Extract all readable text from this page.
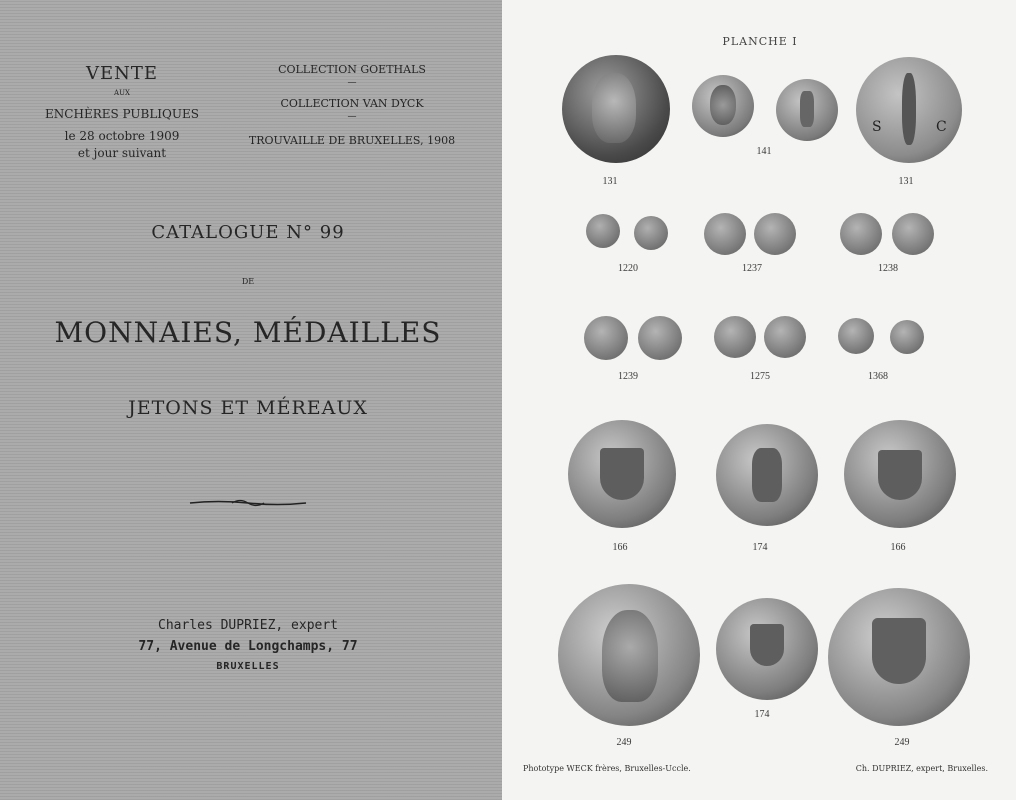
VENTE
AUX
ENCHÈRES PUBLIQUES
le 28 octobre 1909
et jour suivant
COLLECTION GOETHALS
—
COLLECTION VAN DYCK
—
TROUVAILLE DE BRUXELLES, 1908
CATALOGUE N° 99
DE
MONNAIES, MÉDAILLES
JETONS ET MÉREAUX
Charles DUPRIEZ, expert
77, Avenue de Longchamps, 77
BRUXELLES
PLANCHE I
S	C
131
141
131
1220	1237	1238
1239	1275	1368
166	174	166
249
174
249
Phototype WECK frères, Bruxelles-Uccle.	Ch. DUPRIEZ, expert, Bruxelles.
